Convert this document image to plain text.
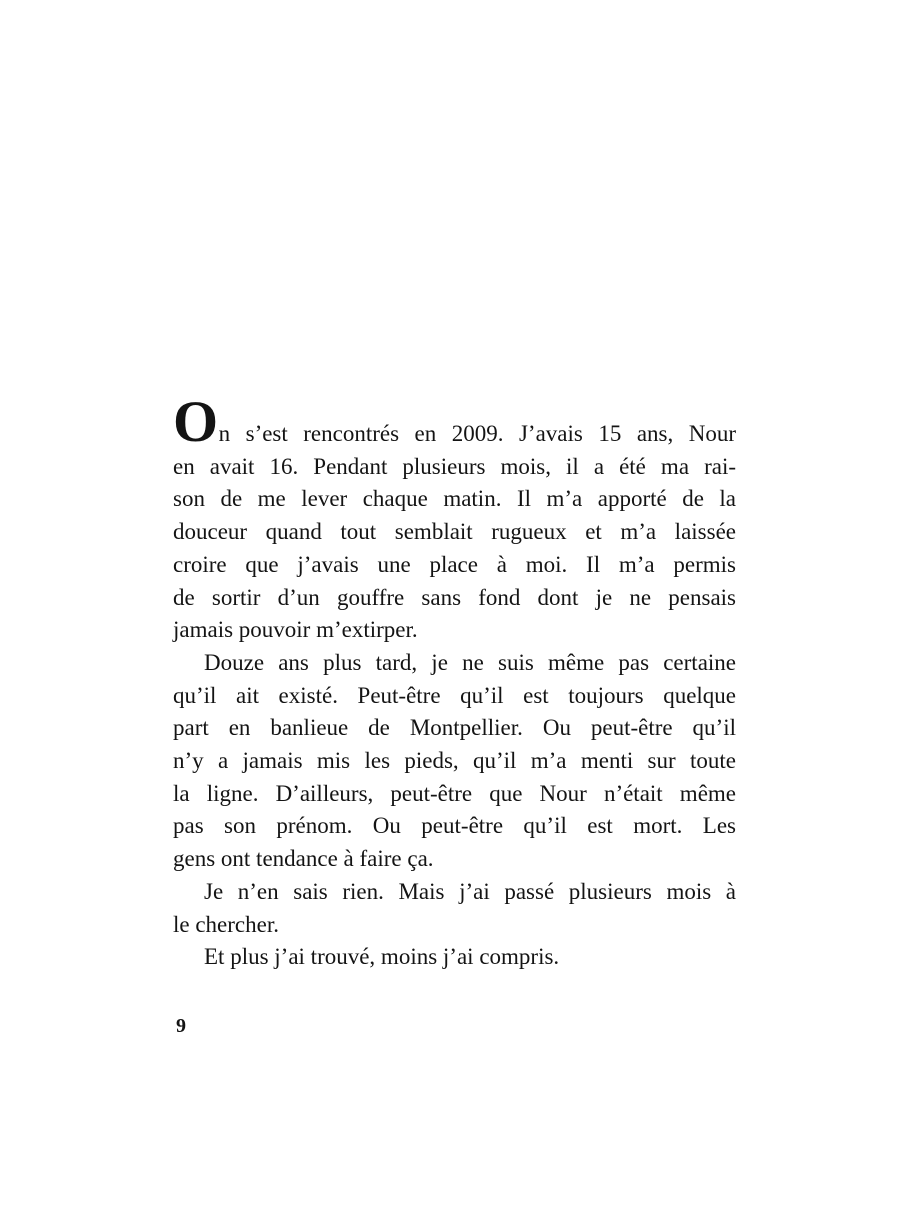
On s’est rencontrés en 2009. J’avais 15 ans, Nour
en avait 16. Pendant plusieurs mois, il a été ma rai-
son de me lever chaque matin. Il m’a apporté de la
douceur quand tout semblait rugueux et m’a laissée
croire que j’avais une place à moi. Il m’a permis
de sortir d’un gouffre sans fond dont je ne pensais
jamais pouvoir m’extirper.
Douze ans plus tard, je ne suis même pas certaine
qu’il ait existé. Peut-être qu’il est toujours quelque
part en banlieue de Montpellier. Ou peut-être qu’il
n’y a jamais mis les pieds, qu’il m’a menti sur toute
la ligne. D’ailleurs, peut-être que Nour n’était même
pas son prénom. Ou peut-être qu’il est mort. Les
gens ont tendance à faire ça.
Je n’en sais rien. Mais j’ai passé plusieurs mois à
le chercher.
Et plus j’ai trouvé, moins j’ai compris.
9
